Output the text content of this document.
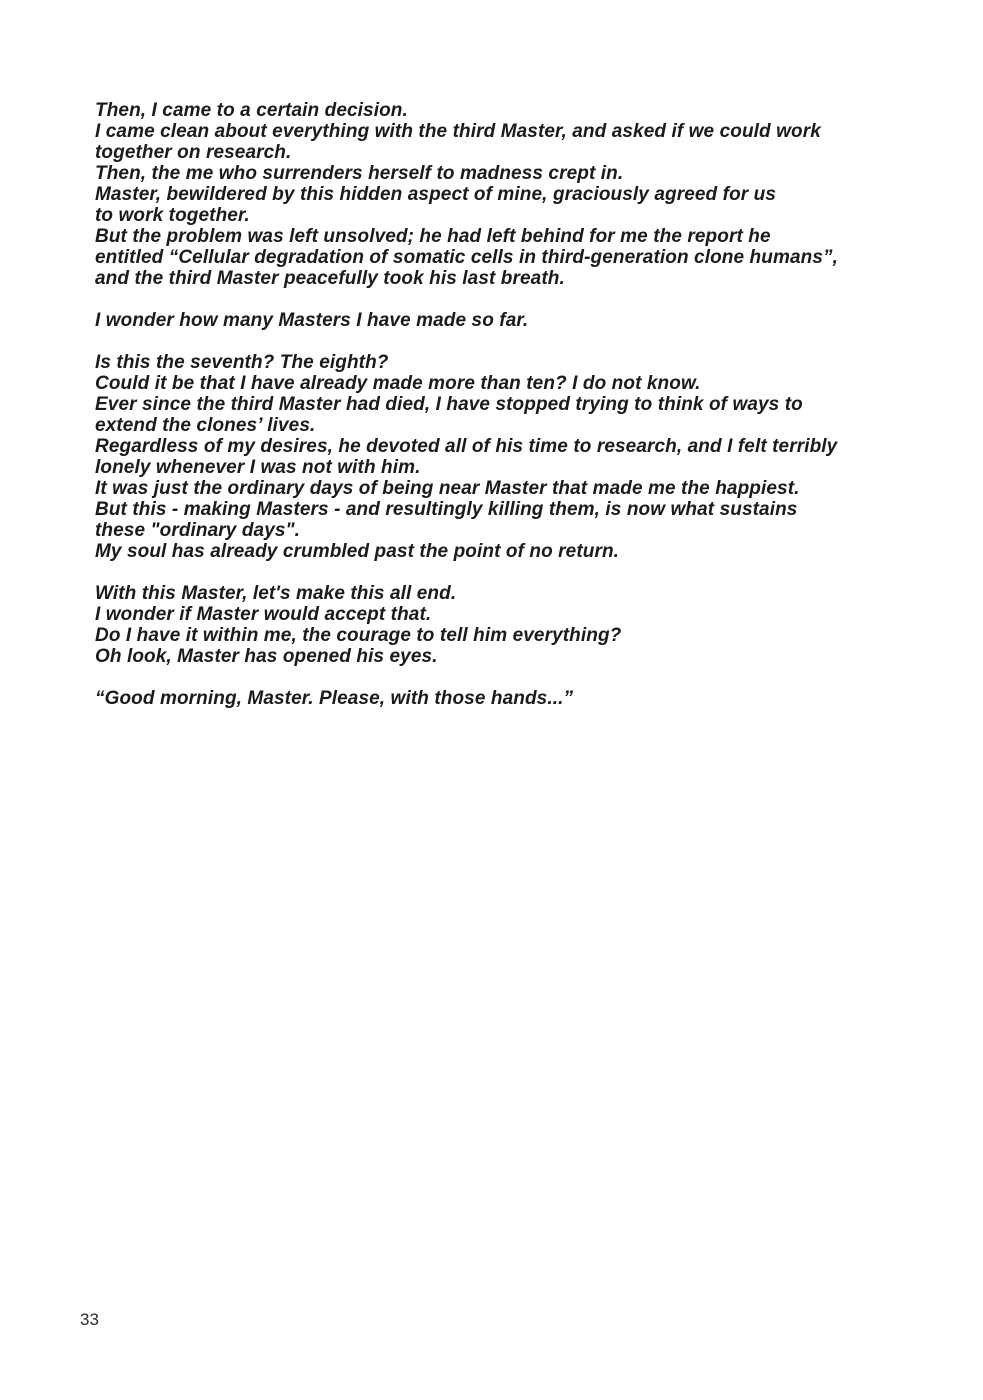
Then, I came to a certain decision.
I came clean about everything with the third Master, and asked if we could work
together on research.
Then, the me who surrenders herself to madness crept in.
Master, bewildered by this hidden aspect of mine, graciously agreed for us
to work together.
But the problem was left unsolved; he had left behind for me the report he
entitled “Cellular degradation of somatic cells in third-generation clone humans”,
and the third Master peacefully took his last breath.
I wonder how many Masters I have made so far.
Is this the seventh? The eighth?
Could it be that I have already made more than ten? I do not know.
Ever since the third Master had died, I have stopped trying to think of ways to
extend the clones’ lives.
Regardless of my desires, he devoted all of his time to research, and I felt terribly
lonely whenever I was not with him.
It was just the ordinary days of being near Master that made me the happiest.
But this - making Masters - and resultingly killing them, is now what sustains
these "ordinary days".
My soul has already crumbled past the point of no return.
With this Master, let's make this all end.
I wonder if Master would accept that.
Do I have it within me, the courage to tell him everything?
Oh look, Master has opened his eyes.
“Good morning, Master. Please, with those hands...”
33
